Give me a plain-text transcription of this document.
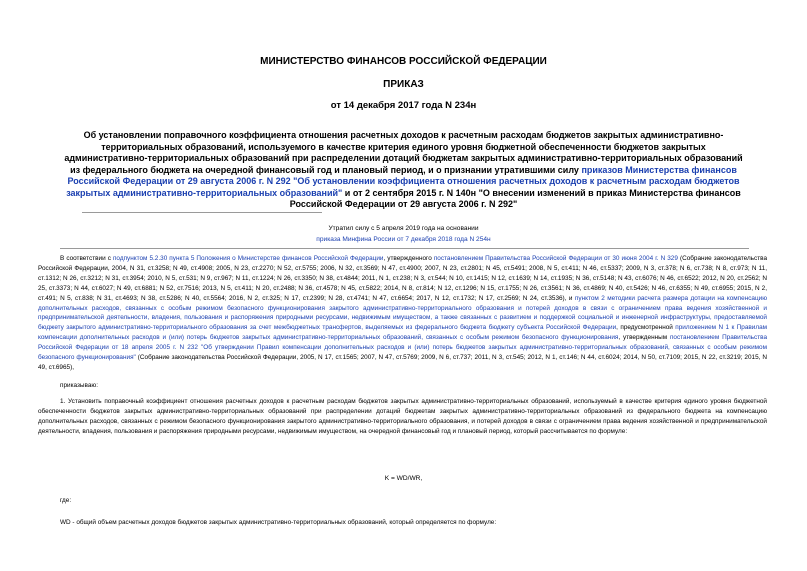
МИНИСТЕРСТВО ФИНАНСОВ РОССИЙСКОЙ ФЕДЕРАЦИИ
ПРИКАЗ
от 14 декабря 2017 года N 234н
Об установлении поправочного коэффициента отношения расчетных доходов к расчетным расходам бюджетов закрытых административно-территориальных образований, используемого в качестве критерия единого уровня бюджетной обеспеченности бюджетов закрытых административно-территориальных образований при распределении дотаций бюджетам закрытых административно-территориальных образований из федерального бюджета на очередной финансовый год и плановый период, и о признании утратившими силу приказов Министерства финансов Российской Федерации от 29 августа 2006 г. N 292 "Об установлении коэффициента отношения расчетных доходов к расчетным расходам бюджетов закрытых административно-территориальных образований" и от 2 сентября 2015 г. N 140н "О внесении изменений в приказ Министерства финансов Российской Федерации от 29 августа 2006 г. N 292"
Утратил силу с 5 апреля 2019 года на основании
приказа Минфина России от 7 декабря 2018 года N 254н

В соответствии с подпунктом 5.2.30 пункта 5 Положения о Министерстве финансов Российской Федерации, утвержденного постановлением Правительства Российской Федерации от 30 июня 2004 г. N 329 (Собрание законодательства Российской Федерации, 2004, N 31, ст.3258; N 49, ст.4908; 2005, N 23, ст.2270; N 52, ст.5755; 2006, N 32, ст.3569; N 47, ст.4900; 2007, N 23, ст.2801; N 45, ст.5491; 2008, N 5, ст.411; N 46, ст.5337; 2009, N 3, ст.378; N 6, ст.738; N 8, ст.973; N 11, ст.1312; N 26, ст.3212; N 31, ст.3954; 2010, N 5, ст.531; N 9, ст.967; N 11, ст.1224; N 26, ст.3350; N 38, ст.4844; 2011, N 1, ст.238; N 3, ст.544; N 10, ст.1415; N 12, ст.1639; N 14, ст.1935; N 36, ст.5148; N 43, ст.6076; N 46, ст.6522; 2012, N 20, ст.2562; N 25, ст.3373; N 44, ст.6027; N 49, ст.6881; N 52, ст.7516; 2013, N 5, ст.411; N 20, ст.2488; N 36, ст.4578; N 45, ст.5822; 2014, N 8, ст.814; N 12, ст.1296; N 15, ст.1755; N 26, ст.3561; N 36, ст.4869; N 40, ст.5426; N 46, ст.6355; N 49, ст.6955; 2015, N 2, ст.491; N 5, ст.838; N 31, ст.4693; N 38, ст.5286; N 40, ст.5564; 2016, N 2, ст.325; N 17, ст.2399; N 28, ст.4741; N 47, ст.6654; 2017, N 12, ст.1732; N 17, ст.2569; N 24, ст.3536), и пунктом 2 методики расчета размера дотации на компенсацию дополнительных расходов, связанных с особым режимом безопасного функционирования закрытого административно-территориального образования и потерей доходов в связи с ограничением права ведения хозяйственной и предпринимательской деятельности, владения, пользования и распоряжения природными ресурсами, недвижимым имуществом, а также связанных с развитием и поддержкой социальной и инженерной инфраструктуры, предоставляемой бюджету закрытого административно-территориального образования за счет межбюджетных трансфертов, выделяемых из федерального бюджета бюджету субъекта Российской Федерации, предусмотренной приложением N 1 к Правилам компенсации дополнительных расходов и (или) потерь бюджетов закрытых административно-территориальных образований, связанных с особым режимом безопасного функционирования, утвержденным постановлением Правительства Российской Федерации от 18 апреля 2005 г. N 232 "Об утверждении Правил компенсации дополнительных расходов и (или) потерь бюджетов закрытых административно-территориальных образований, связанных с особым режимом безопасного функционирования" (Собрание законодательства Российской Федерации, 2005, N 17, ст.1565; 2007, N 47, ст.5769; 2009, N 6, ст.737; 2011, N 3, ст.545; 2012, N 1, ст.146; N 44, ст.6024; 2014, N 50, ст.7109; 2015, N 22, ст.3219; 2015, N 49, ст.6965),

приказываю:

1. Установить поправочный коэффициент отношения расчетных доходов к расчетным расходам бюджетов закрытых административно-территориальных образований, используемый в качестве критерия единого уровня бюджетной обеспеченности бюджетов закрытых административно-территориальных образований при распределении дотаций бюджетам закрытых административно-территориальных образований из федерального бюджета на компенсацию дополнительных расходов, связанных с режимом безопасного функционирования закрытого административно-территориального образования, и потерей доходов в связи с ограничением права ведения хозяйственной и предпринимательской деятельности, владения, пользования и распоряжения природными ресурсами, недвижимым имуществом, на очередной финансовый год и плановый период, который рассчитывается по формуле:

K = WD/WR,
где:
WD - общий объем расчетных доходов бюджетов закрытых административно-территориальных образований, который определяется по формуле:
